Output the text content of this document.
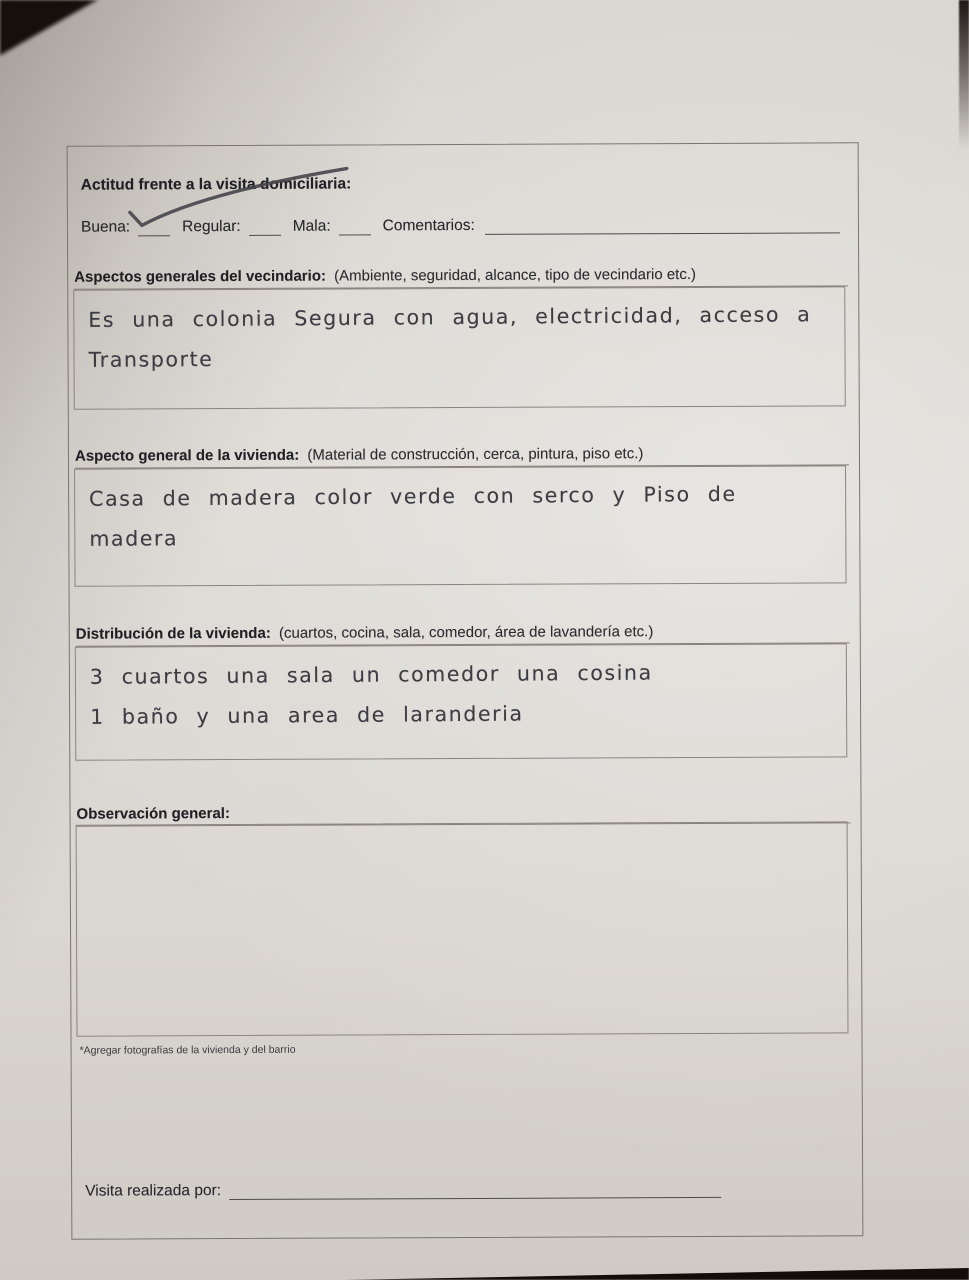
Actitud frente a la visita domiciliaria:
Buena:	Regular:	Mala:	Comentarios:
Aspectos generales del vecindario: (Ambiente, seguridad, alcance, tipo de vecindario etc.)
Es una colonia Segura con agua, electricidad, acceso a
Transporte
Aspecto general de la vivienda: (Material de construcción, cerca, pintura, piso etc.)
Casa de madera color verde con serco y Piso de
madera
Distribución de la vivienda: (cuartos, cocina, sala, comedor, área de lavandería etc.)
3 cuartos una sala un comedor una cosina
1 baño y una area de laranderia
Observación general:
*Agregar fotografías de la vivienda y del barrio
Visita realizada por:
